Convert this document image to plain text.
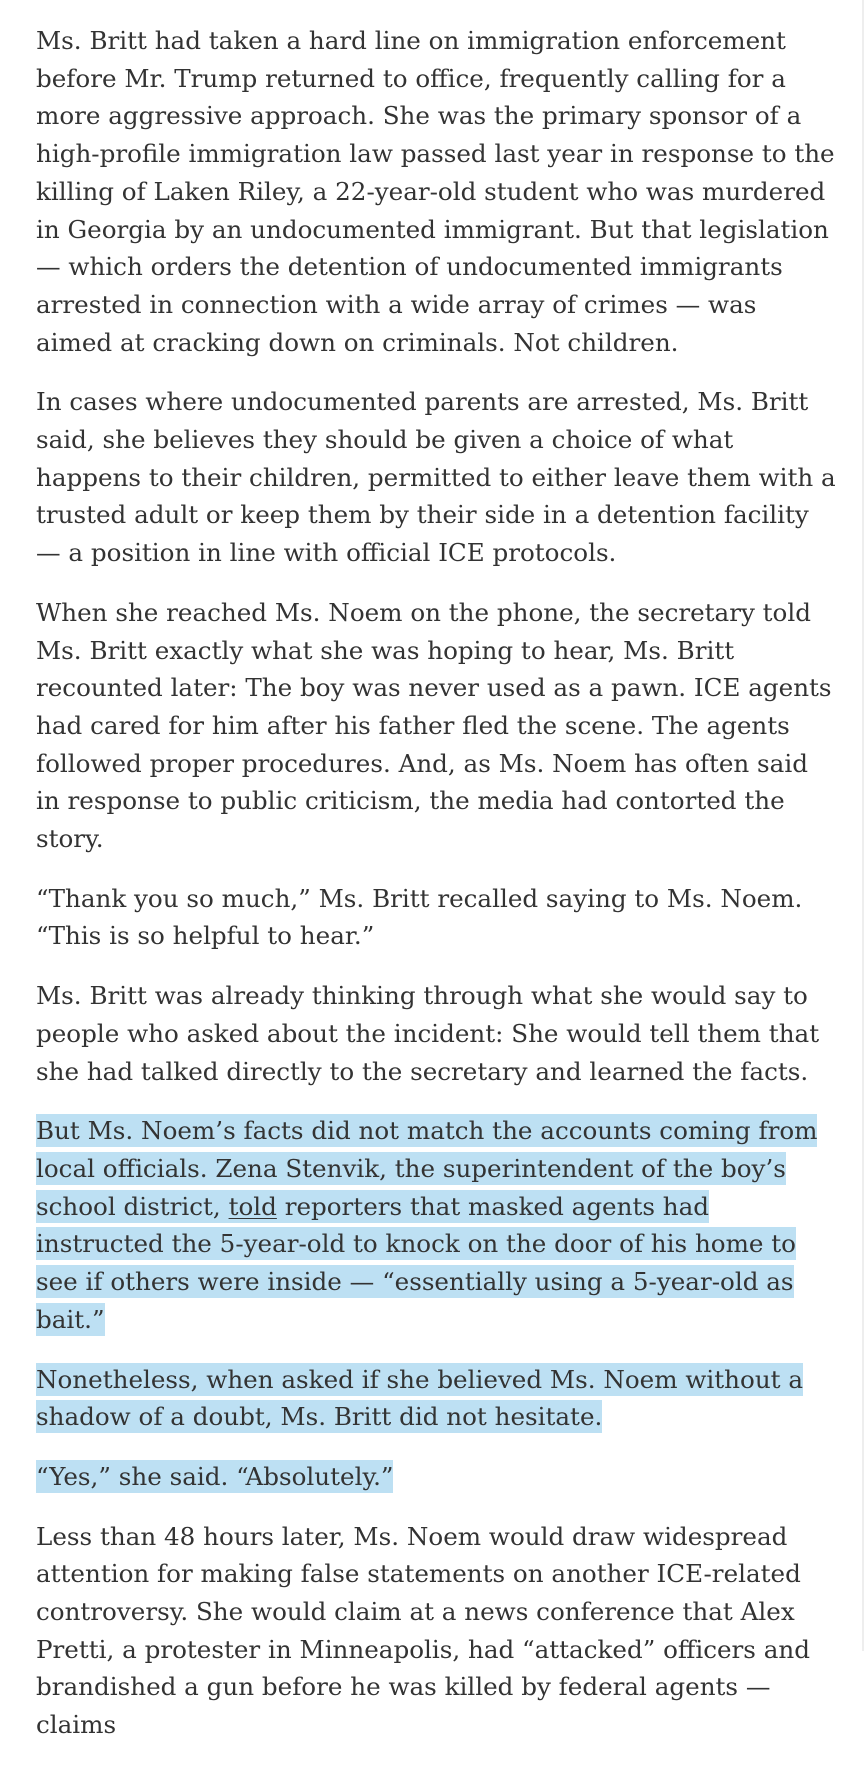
Ms. Britt had taken a hard line on immigration enforcement before Mr. Trump returned to office, frequently calling for a more aggressive approach. She was the primary sponsor of a high-profile immigration law passed last year in response to the killing of Laken Riley, a 22-year-old student who was murdered in Georgia by an undocumented immigrant. But that legislation — which orders the detention of undocumented immigrants arrested in connection with a wide array of crimes — was aimed at cracking down on criminals. Not children.

In cases where undocumented parents are arrested, Ms. Britt said, she believes they should be given a choice of what happens to their children, permitted to either leave them with a trusted adult or keep them by their side in a detention facility — a position in line with official ICE protocols.

When she reached Ms. Noem on the phone, the secretary told Ms. Britt exactly what she was hoping to hear, Ms. Britt recounted later: The boy was never used as a pawn. ICE agents had cared for him after his father fled the scene. The agents followed proper procedures. And, as Ms. Noem has often said in response to public criticism, the media had contorted the story.

“Thank you so much,” Ms. Britt recalled saying to Ms. Noem. “This is so helpful to hear.”

Ms. Britt was already thinking through what she would say to people who asked about the incident: She would tell them that she had talked directly to the secretary and learned the facts.

But Ms. Noem’s facts did not match the accounts coming from local officials. Zena Stenvik, the superintendent of the boy’s school district, told reporters that masked agents had instructed the 5-year-old to knock on the door of his home to see if others were inside — “essentially using a 5-year-old as bait.”

Nonetheless, when asked if she believed Ms. Noem without a shadow of a doubt, Ms. Britt did not hesitate.

“Yes,” she said. “Absolutely.”

Less than 48 hours later, Ms. Noem would draw widespread attention for making false statements on another ICE-related controversy. She would claim at a news conference that Alex Pretti, a protester in Minneapolis, had “attacked” officers and brandished a gun before he was killed by federal agents — claims
